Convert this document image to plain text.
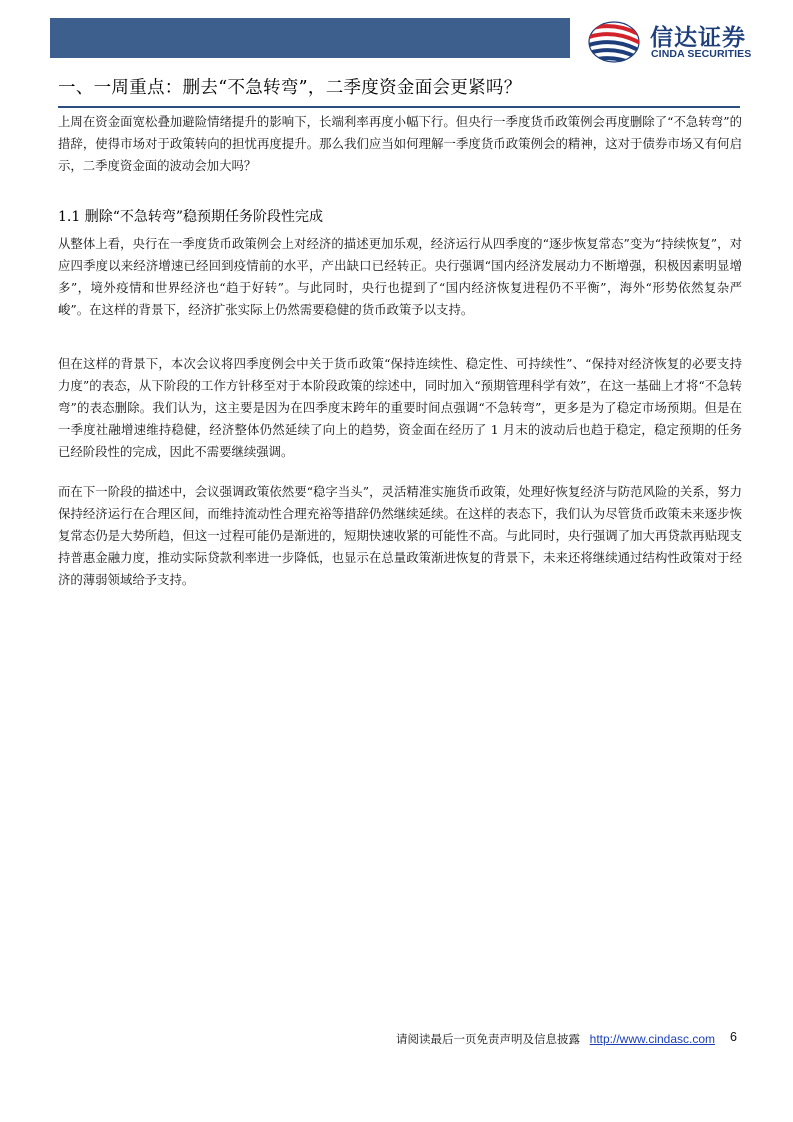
信达证券
CINDA SECURITIES
一、一周重点：删去“不急转弯”，二季度资金面会更紧吗？

上周在资金面宽松叠加避险情绪提升的影响下，长端利率再度小幅下行。但央行一季度货币政策例会再度删除了“不急转弯”的措辞，使得市场对于政策转向的担忧再度提升。那么我们应当如何理解一季度货币政策例会的精神，这对于债券市场又有何启示，二季度资金面的波动会加大吗？

1.1 删除“不急转弯”稳预期任务阶段性完成

从整体上看，央行在一季度货币政策例会上对经济的描述更加乐观，经济运行从四季度的“逐步恢复常态”变为“持续恢复”，对应四季度以来经济增速已经回到疫情前的水平，产出缺口已经转正。央行强调“国内经济发展动力不断增强，积极因素明显增多”，境外疫情和世界经济也“趋于好转”。与此同时，央行也提到了“国内经济恢复进程仍不平衡”，海外“形势依然复杂严峻”。在这样的背景下，经济扩张实际上仍然需要稳健的货币政策予以支持。

但在这样的背景下，本次会议将四季度例会中关于货币政策“保持连续性、稳定性、可持续性”、“保持对经济恢复的必要支持力度”的表态，从下阶段的工作方针移至对于本阶段政策的综述中，同时加入“预期管理科学有效”，在这一基础上才将“不急转弯”的表态删除。我们认为，这主要是因为在四季度末跨年的重要时间点强调“不急转弯”，更多是为了稳定市场预期。但是在一季度社融增速维持稳健，经济整体仍然延续了向上的趋势，资金面在经历了 1 月末的波动后也趋于稳定，稳定预期的任务已经阶段性的完成，因此不需要继续强调。

而在下一阶段的描述中，会议强调政策依然要“稳字当头”，灵活精准实施货币政策，处理好恢复经济与防范风险的关系，努力保持经济运行在合理区间，而维持流动性合理充裕等措辞仍然继续延续。在这样的表态下，我们认为尽管货币政策未来逐步恢复常态仍是大势所趋，但这一过程可能仍是渐进的，短期快速收紧的可能性不高。与此同时，央行强调了加大再贷款再贴现支持普惠金融力度，推动实际贷款利率进一步降低，也显示在总量政策渐进恢复的背景下，未来还将继续通过结构性政策对于经济的薄弱领域给予支持。

请阅读最后一页免责声明及信息披露 http://www.cindasc.com 6
